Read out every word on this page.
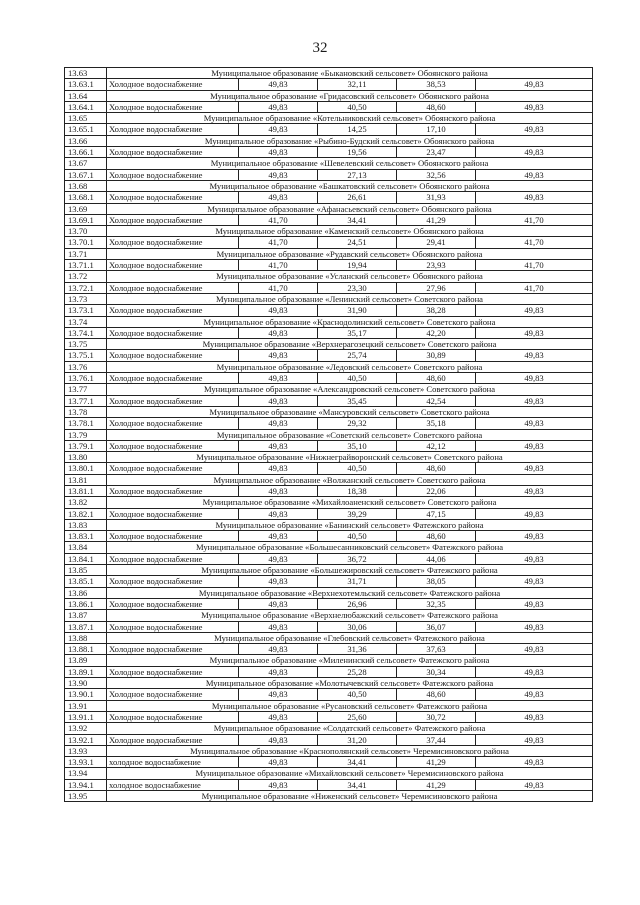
32
13.63	Муниципальное образование «Быкановский сельсовет» Обоянского района				
13.63.1	Холодное водоснабжение	49,83	32,11	38,53	49,83
13.64	Муниципальное образование «Гридасовский сельсовет» Обоянского района				
13.64.1	Холодное водоснабжение	49,83	40,50	48,60	49,83
13.65	Муниципальное образование «Котельниковский сельсовет» Обоянского района				
13.65.1	Холодное водоснабжение	49,83	14,25	17,10	49,83
13.66	Муниципальное образование «Рыбино-Будский сельсовет» Обоянского района				
13.66.1	Холодное водоснабжение	49,83	19,56	23,47	49,83
13.67	Муниципальное образование «Шевелевский сельсовет» Обоянского района				
13.67.1	Холодное водоснабжение	49,83	27,13	32,56	49,83
13.68	Муниципальное образование «Башкатовский сельсовет» Обоянского района				
13.68.1	Холодное водоснабжение	49,83	26,61	31,93	49,83
13.69	Муниципальное образование «Афанасьевский сельсовет» Обоянского района				
13.69.1	Холодное водоснабжение	41,70	34,41	41,29	41,70
13.70	Муниципальное образование «Каменский сельсовет» Обоянского района				
13.70.1	Холодное водоснабжение	41,70	24,51	29,41	41,70
13.71	Муниципальное образование «Рудавский сельсовет» Обоянского района				
13.71.1	Холодное водоснабжение	41,70	19,94	23,93	41,70
13.72	Муниципальное образование «Усланский сельсовет» Обоянского района				
13.72.1	Холодное водоснабжение	41,70	23,30	27,96	41,70
13.73	Муниципальное образование «Ленинский сельсовет» Советского района				
13.73.1	Холодное водоснабжение	49,83	31,90	38,28	49,83
13.74	Муниципальное образование «Краснодолинский сельсовет» Советского района				
13.74.1	Холодное водоснабжение	49,83	35,17	42,20	49,83
13.75	Муниципальное образование «Верхнерагозецкий сельсовет» Советского района				
13.75.1	Холодное водоснабжение	49,83	25,74	30,89	49,83
13.76	Муниципальное образование «Ледовский сельсовет» Советского района				
13.76.1	Холодное водоснабжение	49,83	40,50	48,60	49,83
13.77	Муниципальное образование «Александровский сельсовет» Советского района				
13.77.1	Холодное водоснабжение	49,83	35,45	42,54	49,83
13.78	Муниципальное образование «Мансуровский сельсовет» Советского района				
13.78.1	Холодное водоснабжение	49,83	29,32	35,18	49,83
13.79	Муниципальное образование «Советский сельсовет» Советского района				
13.79.1	Холодное водоснабжение	49,83	35,10	42,12	49,83
13.80	Муниципальное образование «Нижнеграйворонский сельсовет» Советского района				
13.80.1	Холодное водоснабжение	49,83	40,50	48,60	49,83
13.81	Муниципальное образование «Волжанский сельсовет» Советского района				
13.81.1	Холодное водоснабжение	49,83	18,38	22,06	49,83
13.82	Муниципальное образование «Михайлоаненский сельсовет» Советского района				
13.82.1	Холодное водоснабжение	49,83	39,29	47,15	49,83
13.83	Муниципальное образование «Банинский сельсовет» Фатежского района				
13.83.1	Холодное водоснабжение	49,83	40,50	48,60	49,83
13.84	Муниципальное образование «Большесанниковский сельсовет» Фатежского района				
13.84.1	Холодное водоснабжение	49,83	36,72	44,06	49,83
13.85	Муниципальное образование «Большежировский сельсовет» Фатежского района				
13.85.1	Холодное водоснабжение	49,83	31,71	38,05	49,83
13.86	Муниципальное образование «Верхнехотемльский сельсовет» Фатежского района				
13.86.1	Холодное водоснабжение	49,83	26,96	32,35	49,83
13.87	Муниципальное образование «Верхнелюбажский сельсовет» Фатежского района				
13.87.1	Холодное водоснабжение	49,83	30,06	36,07	49,83
13.88	Муниципальное образование «Глебовский сельсовет» Фатежского района				
13.88.1	Холодное водоснабжение	49,83	31,36	37,63	49,83
13.89	Муниципальное образование «Миленинский сельсовет» Фатежского района				
13.89.1	Холодное водоснабжение	49,83	25,28	30,34	49,83
13.90	Муниципальное образование «Молотычевский сельсовет» Фатежского района				
13.90.1	Холодное водоснабжение	49,83	40,50	48,60	49,83
13.91	Муниципальное образование «Русановский сельсовет» Фатежского района				
13.91.1	Холодное водоснабжение	49,83	25,60	30,72	49,83
13.92	Муниципальное образование «Солдатский сельсовет» Фатежского района				
13.92.1	Холодное водоснабжение	49,83	31,20	37,44	49,83
13.93	Муниципальное образование «Краснополянский сельсовет» Черемисиновского района				
13.93.1	холодное водоснабжение	49,83	34,41	41,29	49,83
13.94	Муниципальное образование «Михайловский сельсовет» Черемисиновского района				
13.94.1	холодное водоснабжение	49,83	34,41	41,29	49,83
13.95	Муниципальное образование «Ниженский сельсовет» Черемисиновского района				
